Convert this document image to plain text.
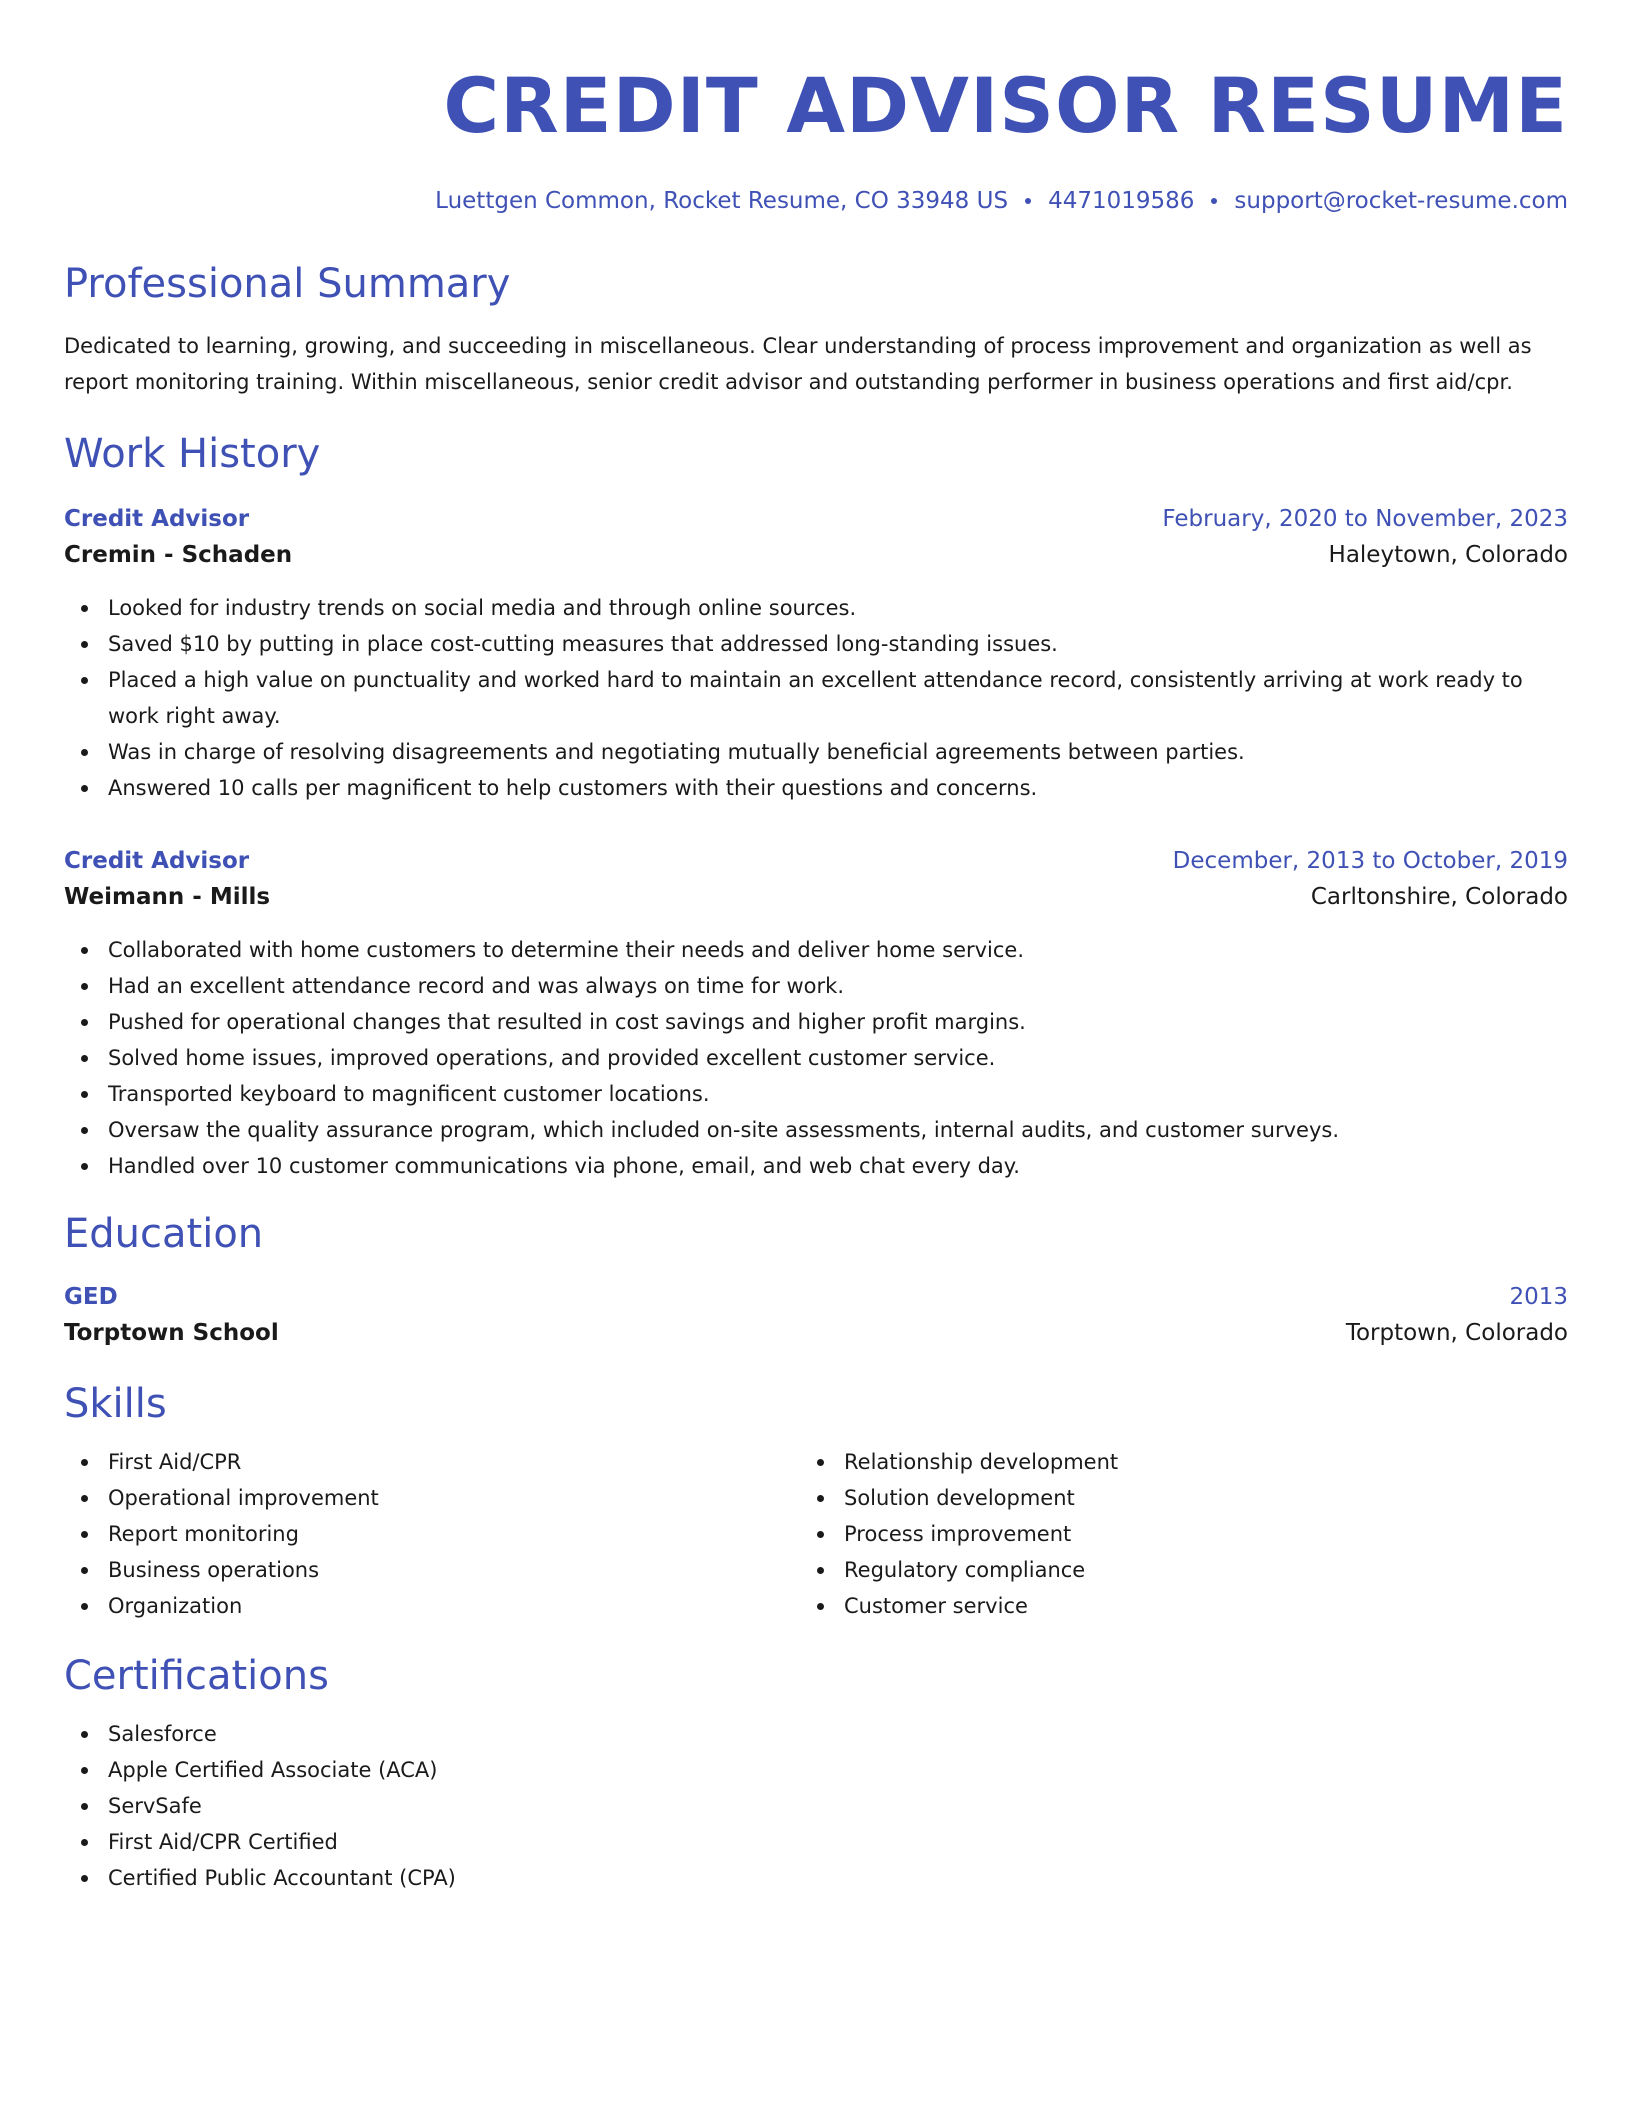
CREDIT ADVISOR RESUME
Luettgen Common, Rocket Resume, CO 33948 US 4471019586 support@rocket-resume.com
Professional Summary

Dedicated to learning, growing, and succeeding in miscellaneous. Clear understanding of process improvement and organization as well as report monitoring training. Within miscellaneous, senior credit advisor and outstanding performer in business operations and first aid/cpr.

Work History
Credit Advisor	February, 2020 to November, 2023
Cremin - Schaden	Haleytown, Colorado
Looked for industry trends on social media and through online sources.
Saved $10 by putting in place cost-cutting measures that addressed long-standing issues.
Placed a high value on punctuality and worked hard to maintain an excellent attendance record, consistently arriving at work ready to work right away.
Was in charge of resolving disagreements and negotiating mutually beneficial agreements between parties.
Answered 10 calls per magnificent to help customers with their questions and concerns.
Credit Advisor	December, 2013 to October, 2019
Weimann - Mills	Carltonshire, Colorado
Collaborated with home customers to determine their needs and deliver home service.
Had an excellent attendance record and was always on time for work.
Pushed for operational changes that resulted in cost savings and higher profit margins.
Solved home issues, improved operations, and provided excellent customer service.
Transported keyboard to magnificent customer locations.
Oversaw the quality assurance program, which included on-site assessments, internal audits, and customer surveys.
Handled over 10 customer communications via phone, email, and web chat every day.
Education
GED	2013
Torptown School	Torptown, Colorado
Skills
First Aid/CPR
Operational improvement
Report monitoring
Business operations
Organization
Relationship development
Solution development
Process improvement
Regulatory compliance
Customer service
Certifications
Salesforce
Apple Certified Associate (ACA)
ServSafe
First Aid/CPR Certified
Certified Public Accountant (CPA)
